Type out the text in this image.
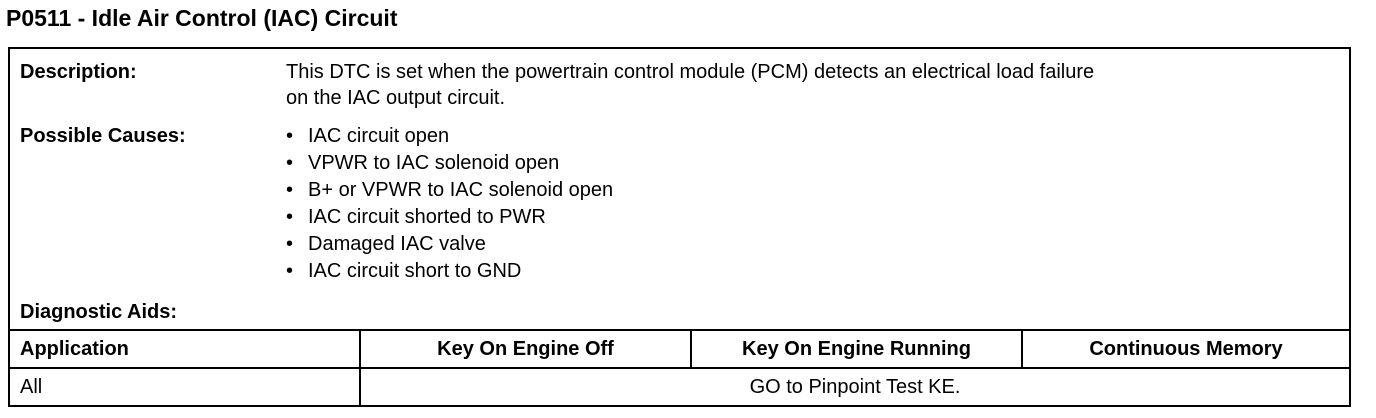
P0511 - Idle Air Control (IAC) Circuit
Description:	This DTC is set when the powertrain control module (PCM) detects an electrical load failure
on the IAC output circuit.
Possible Causes:	• IAC circuit open
• VPWR to IAC solenoid open
• B+ or VPWR to IAC solenoid open
• IAC circuit shorted to PWR
• Damaged IAC valve
• IAC circuit short to GND
Diagnostic Aids:
Application	Key On Engine Off	Key On Engine Running	Continuous Memory
All	GO to Pinpoint Test KE.
